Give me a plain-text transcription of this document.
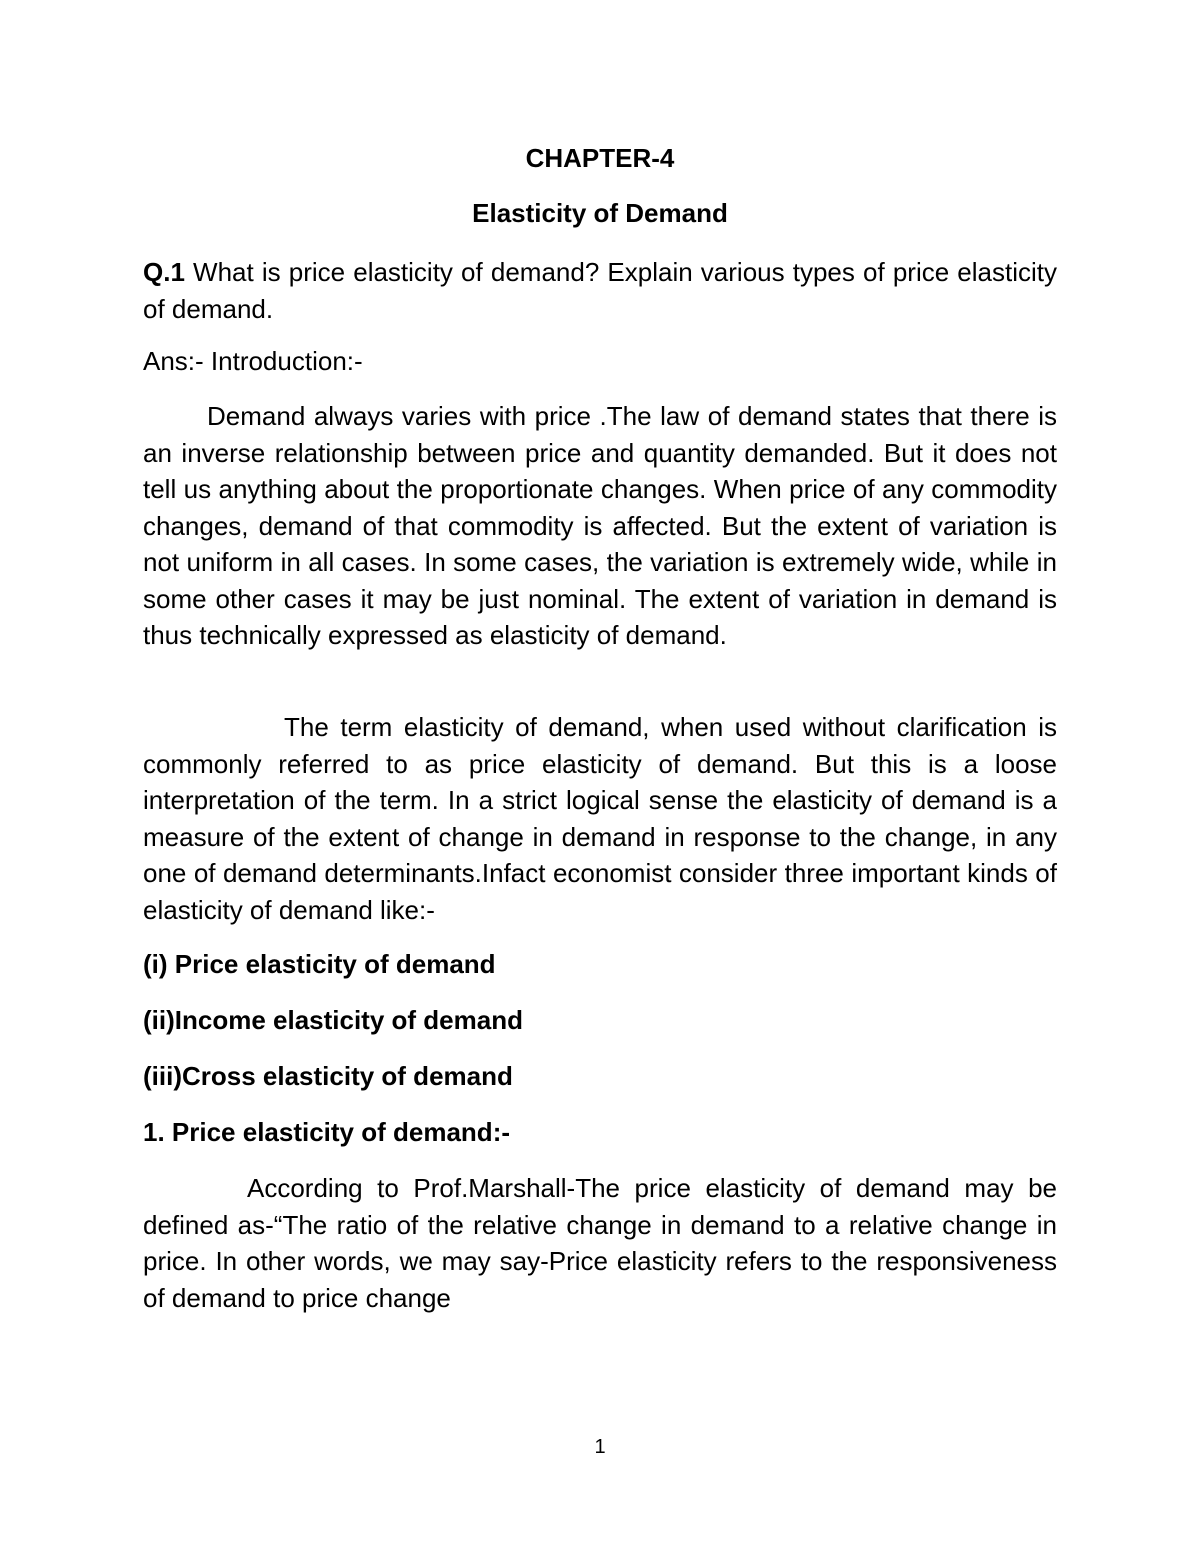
CHAPTER-4

Elasticity of Demand

Q.1 What is price elasticity of demand? Explain various types of price elasticity of demand.

Ans:- Introduction:-

Demand always varies with price .The law of demand states that there is an inverse relationship between price and quantity demanded. But it does not tell us anything about the proportionate changes. When price of any commodity changes, demand of that commodity is affected. But the extent of variation is not uniform in all cases. In some cases, the variation is extremely wide, while in some other cases it may be just nominal. The extent of variation in demand is thus technically expressed as elasticity of demand.

The term elasticity of demand, when used without clarification is commonly referred to as price elasticity of demand. But this is a loose interpretation of the term. In a strict logical sense the elasticity of demand is a measure of the extent of change in demand in response to the change, in any one of demand determinants.Infact economist consider three important kinds of elasticity of demand like:-

(i) Price elasticity of demand

(ii)Income elasticity of demand

(iii)Cross elasticity of demand

1. Price elasticity of demand:-

According to Prof.Marshall-The price elasticity of demand may be defined as-“The ratio of the relative change in demand to a relative change in price. In other words, we may say-Price elasticity refers to the responsiveness of demand to price change

1
